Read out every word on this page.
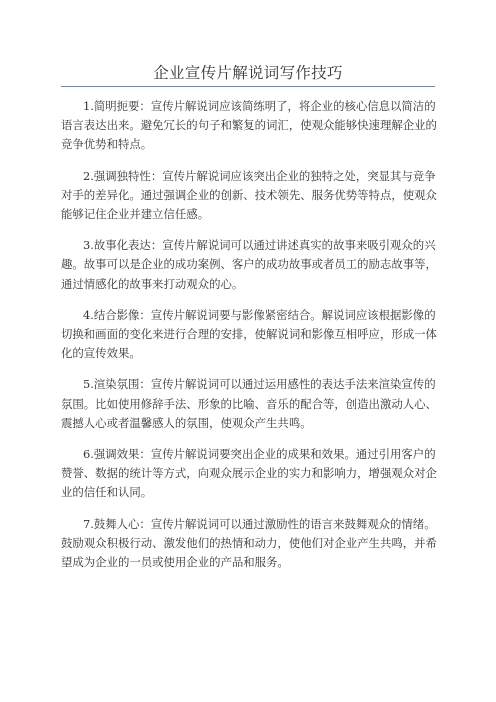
企业宣传片解说词写作技巧

1.简明扼要：宣传片解说词应该简练明了，将企业的核心信息以简洁的语言表达出来。避免冗长的句子和繁复的词汇，使观众能够快速理解企业的竞争优势和特点。

2.强调独特性：宣传片解说词应该突出企业的独特之处，突显其与竞争对手的差异化。通过强调企业的创新、技术领先、服务优势等特点，使观众能够记住企业并建立信任感。

3.故事化表达：宣传片解说词可以通过讲述真实的故事来吸引观众的兴趣。故事可以是企业的成功案例、客户的成功故事或者员工的励志故事等，通过情感化的故事来打动观众的心。

4.结合影像：宣传片解说词要与影像紧密结合。解说词应该根据影像的切换和画面的变化来进行合理的安排，使解说词和影像互相呼应，形成一体化的宣传效果。

5.渲染氛围：宣传片解说词可以通过运用感性的表达手法来渲染宣传的氛围。比如使用修辞手法、形象的比喻、音乐的配合等，创造出激动人心、震撼人心或者温馨感人的氛围，使观众产生共鸣。

6.强调效果：宣传片解说词要突出企业的成果和效果。通过引用客户的赞誉、数据的统计等方式，向观众展示企业的实力和影响力，增强观众对企业的信任和认同。

7.鼓舞人心：宣传片解说词可以通过激励性的语言来鼓舞观众的情绪。鼓励观众积极行动、激发他们的热情和动力，使他们对企业产生共鸣，并希望成为企业的一员或使用企业的产品和服务。
